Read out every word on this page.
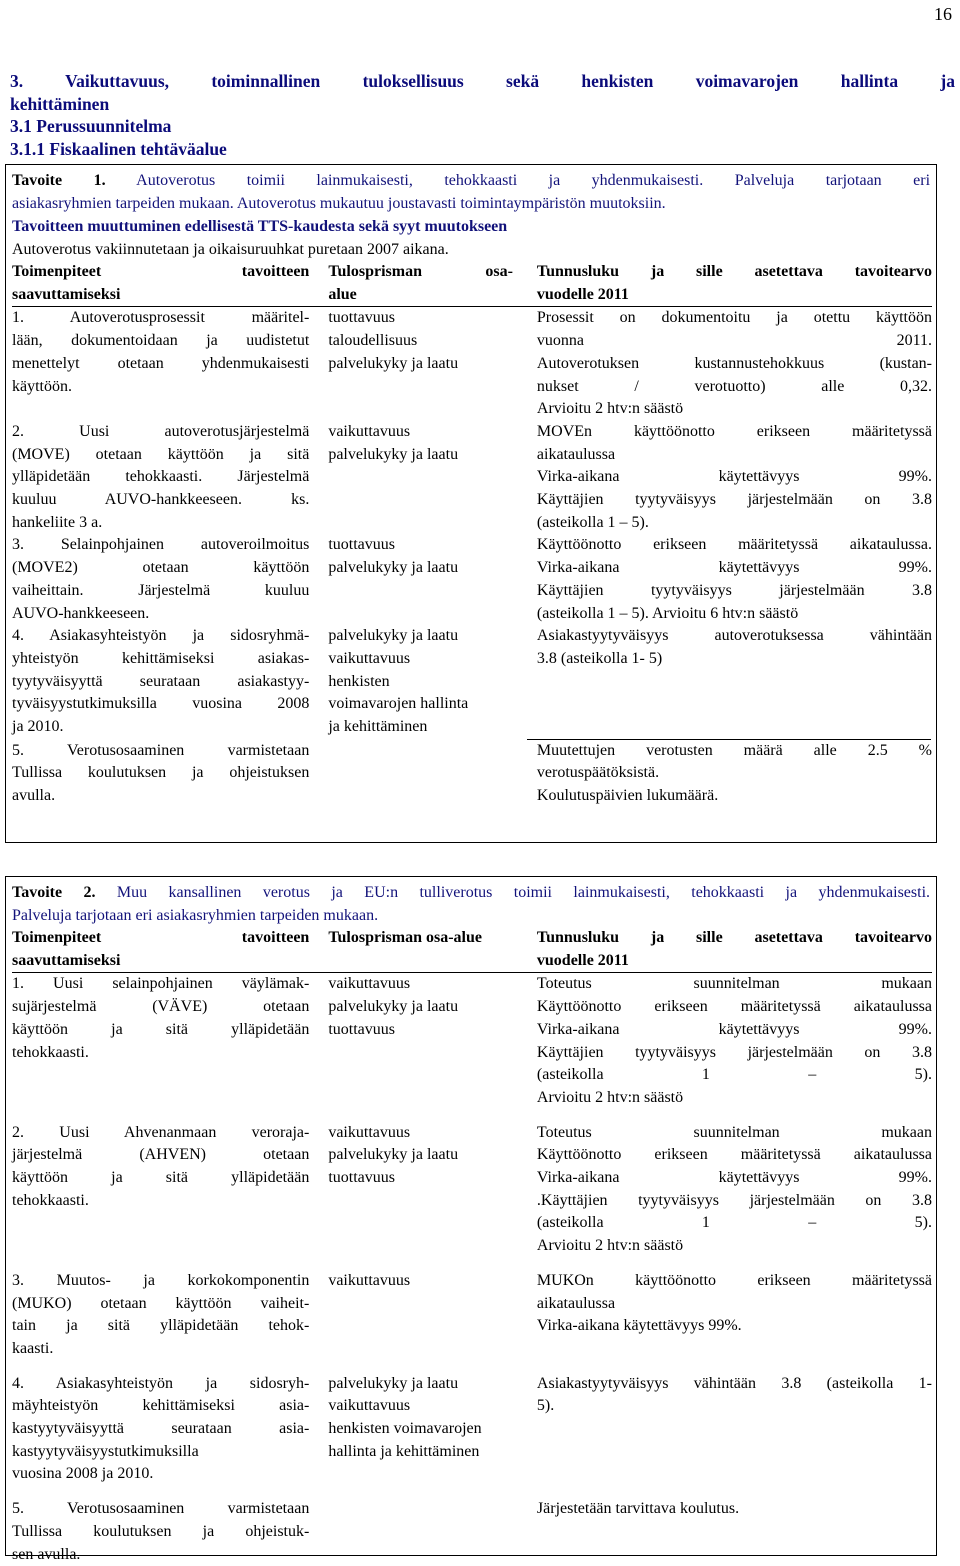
16
3. Vaikuttavuus, toiminnallinen tuloksellisuus sekä henkisten voimavarojen hallinta ja
kehittäminen
3.1 Perussuunnitelma
3.1.1 Fiskaalinen tehtäväalue

Tavoite 1. Autoverotus toimii lainmukaisesti, tehokkaasti ja yhdenmukaisesti. Palveluja tarjotaan eri

asiakasryhmien tarpeiden mukaan. Autoverotus mukautuu joustavasti toimintaympäristön muutoksiin.

Tavoitteen muuttuminen edellisestä TTS-kaudesta sekä syyt muutokseen

Autoverotus vakiinnutetaan ja oikaisuruuhkat puretaan 2007 aikana.

Toimenpiteet tavoitteen
saavuttamiseksi
Tulosprisman osa-
alue
Tunnusluku ja sille asetettava tavoitearvo
vuodelle 2011
1. Autoverotusprosessit määritel-
lään, dokumentoidaan ja uudistetut
menettelyt otetaan yhdenmukaisesti
käyttöön.
tuottavuus
taloudellisuus
palvelukyky ja laatu
Prosessit on dokumentoitu ja otettu käyttöön
vuonna 2011.
Autoverotuksen kustannustehokkuus (kustan-
nukset / verotuotto) alle 0,32.
Arvioitu 2 htv:n säästö
2. Uusi autoverotusjärjestelmä
(MOVE) otetaan käyttöön ja sitä
ylläpidetään tehokkaasti. Järjestelmä
kuuluu AUVO-hankkeeseen. ks.
hankeliite 3 a.
vaikuttavuus
palvelukyky ja laatu
MOVEn käyttöönotto erikseen määritetyssä
aikataulussa
Virka-aikana käytettävyys 99%.
Käyttäjien tyytyväisyys järjestelmään on 3.8
(asteikolla 1 – 5).
3. Selainpohjainen autoveroilmoitus
(MOVE2) otetaan käyttöön
vaiheittain. Järjestelmä kuuluu
AUVO-hankkeeseen.
tuottavuus
palvelukyky ja laatu
Käyttöönotto erikseen määritetyssä aikataulussa.
Virka-aikana käytettävyys 99%.
Käyttäjien tyytyväisyys järjestelmään 3.8
(asteikolla 1 – 5). Arvioitu 6 htv:n säästö
4. Asiakasyhteistyön ja sidosryhmä-
yhteistyön kehittämiseksi asiakas-
tyytyväisyyttä seurataan asiakastyy-
tyväisyystutkimuksilla vuosina 2008
ja 2010.
palvelukyky ja laatu
vaikuttavuus
henkisten
voimavarojen hallinta
ja kehittäminen
Asiakastyytyväisyys autoverotuksessa vähintään
3.8 (asteikolla 1- 5)
5. Verotusosaaminen varmistetaan
Tullissa koulutuksen ja ohjeistuksen
avulla.
Muutettujen verotusten määrä alle 2.5 %
verotuspäätöksistä.
Koulutuspäivien lukumäärä.

Tavoite 2. Muu kansallinen verotus ja EU:n tulliverotus toimii lainmukaisesti, tehokkaasti ja yhdenmukaisesti.

Palveluja tarjotaan eri asiakasryhmien tarpeiden mukaan.

Toimenpiteet tavoitteen
saavuttamiseksi
Tulosprisman osa-alue	Tunnusluku ja sille asetettava tavoitearvo
vuodelle 2011
1. Uusi selainpohjainen väylämak-
sujärjestelmä (VÄVE) otetaan
käyttöön ja sitä ylläpidetään
tehokkaasti.
vaikuttavuus
palvelukyky ja laatu
tuottavuus
Toteutus suunnitelman mukaan
Käyttöönotto erikseen määritetyssä aikataulussa
Virka-aikana käytettävyys 99%.
Käyttäjien tyytyväisyys järjestelmään on 3.8
(asteikolla 1 – 5).
Arvioitu 2 htv:n säästö
2. Uusi Ahvenanmaan veroraja-
järjestelmä (AHVEN) otetaan
käyttöön ja sitä ylläpidetään
tehokkaasti.
vaikuttavuus
palvelukyky ja laatu
tuottavuus
Toteutus suunnitelman mukaan
Käyttöönotto erikseen määritetyssä aikataulussa
Virka-aikana käytettävyys 99%.
.Käyttäjien tyytyväisyys järjestelmään on 3.8
(asteikolla 1 – 5).
Arvioitu 2 htv:n säästö
3. Muutos- ja korkokomponentin
(MUKO) otetaan käyttöön vaiheit-
tain ja sitä ylläpidetään tehok-
kaasti.
vaikuttavuus	MUKOn käyttöönotto erikseen määritetyssä
aikataulussa
Virka-aikana käytettävyys 99%.
4. Asiakasyhteistyön ja sidosryh-
mäyhteistyön kehittämiseksi asia-
kastyytyväisyyttä seurataan asia-
kastyytyväisyystutkimuksilla
vuosina 2008 ja 2010.
palvelukyky ja laatu
vaikuttavuus
henkisten voimavarojen
hallinta ja kehittäminen
Asiakastyytyväisyys vähintään 3.8 (asteikolla 1-
5).
5. Verotusosaaminen varmistetaan
Tullissa koulutuksen ja ohjeistuk-
sen avulla.
Järjestetään tarvittava koulutus.
